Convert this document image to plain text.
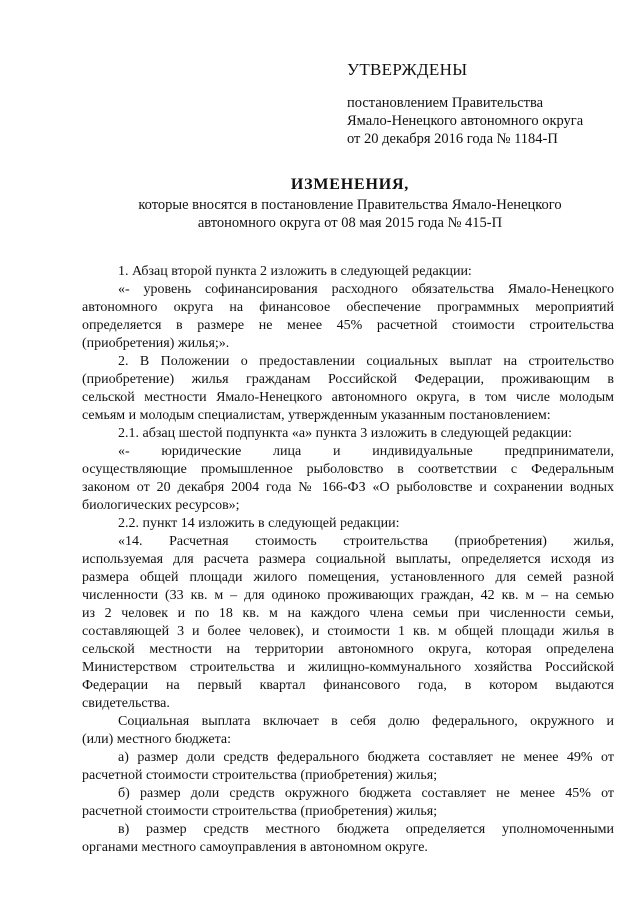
УТВЕРЖДЕНЫ
постановлением Правительства
Ямало-Ненецкого автономного округа
от 20 декабря 2016 года № 1184-П
ИЗМЕНЕНИЯ,
которые вносятся в постановление Правительства Ямало-Ненецкого
автономного округа от 08 мая 2015 года № 415-П
1. Абзац второй пункта 2 изложить в следующей редакции:
«- уровень софинансирования расходного обязательства Ямало-Ненецкого
автономного округа на финансовое обеспечение программных мероприятий
определяется в размере не менее 45% расчетной стоимости строительства
(приобретения) жилья;».
2. В Положении о предоставлении социальных выплат на строительство
(приобретение) жилья гражданам Российской Федерации, проживающим в
сельской местности Ямало-Ненецкого автономного округа, в том числе молодым
семьям и молодым специалистам, утвержденным указанным постановлением:
2.1. абзац шестой подпункта «а» пункта 3 изложить в следующей редакции:
«- юридические лица и индивидуальные предприниматели,
осуществляющие промышленное рыболовство в соответствии с Федеральным
законом от 20 декабря 2004 года № 166-ФЗ «О рыболовстве и сохранении водных
биологических ресурсов»;
2.2. пункт 14 изложить в следующей редакции:
«14. Расчетная стоимость строительства (приобретения) жилья,
используемая для расчета размера социальной выплаты, определяется исходя из
размера общей площади жилого помещения, установленного для семей разной
численности (33 кв. м – для одиноко проживающих граждан, 42 кв. м – на семью
из 2 человек и по 18 кв. м на каждого члена семьи при численности семьи,
составляющей 3 и более человек), и стоимости 1 кв. м общей площади жилья в
сельской местности на территории автономного округа, которая определена
Министерством строительства и жилищно-коммунального хозяйства Российской
Федерации на первый квартал финансового года, в котором выдаются
свидетельства.
Социальная выплата включает в себя долю федерального, окружного и
(или) местного бюджета:
а) размер доли средств федерального бюджета составляет не менее 49% от
расчетной стоимости строительства (приобретения) жилья;
б) размер доли средств окружного бюджета составляет не менее 45% от
расчетной стоимости строительства (приобретения) жилья;
в) размер средств местного бюджета определяется уполномоченными
органами местного самоуправления в автономном округе.
